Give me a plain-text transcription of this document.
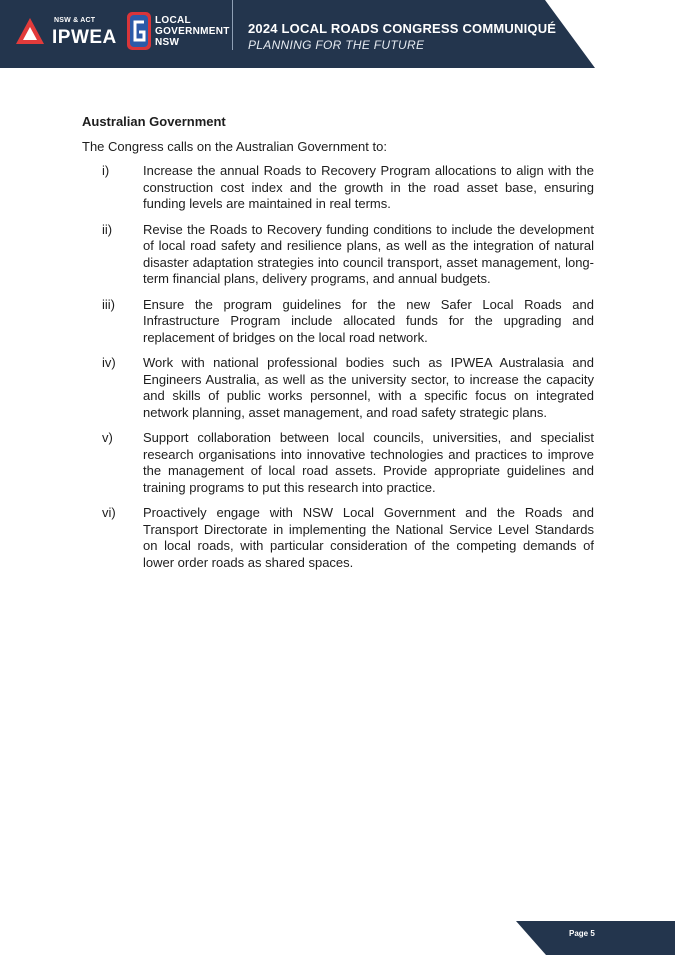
NSW & ACT
IPWEA
LOCAL
GOVERNMENT
NSW
2024 LOCAL ROADS CONGRESS COMMUNIQUÉ
PLANNING FOR THE FUTURE

Australian Government

The Congress calls on the Australian Government to:

i)	Increase the annual Roads to Recovery Program allocations to align with the construction cost index and the growth in the road asset base, ensuring funding levels are maintained in real terms.
ii)	Revise the Roads to Recovery funding conditions to include the development of local road safety and resilience plans, as well as the integration of natural disaster adaptation strategies into council transport, asset management, long-term financial plans, delivery programs, and annual budgets.
iii)	Ensure the program guidelines for the new Safer Local Roads and Infrastructure Program include allocated funds for the upgrading and replacement of bridges on the local road network.
iv)	Work with national professional bodies such as IPWEA Australasia and Engineers Australia, as well as the university sector, to increase the capacity and skills of public works personnel, with a specific focus on integrated network planning, asset management, and road safety strategic plans.
v)	Support collaboration between local councils, universities, and specialist research organisations into innovative technologies and practices to improve the management of local road assets. Provide appropriate guidelines and training programs to put this research into practice.
vi)	Proactively engage with NSW Local Government and the Roads and Transport Directorate in implementing the National Service Level Standards on local roads, with particular consideration of the competing demands of lower order roads as shared spaces.
Page 5
